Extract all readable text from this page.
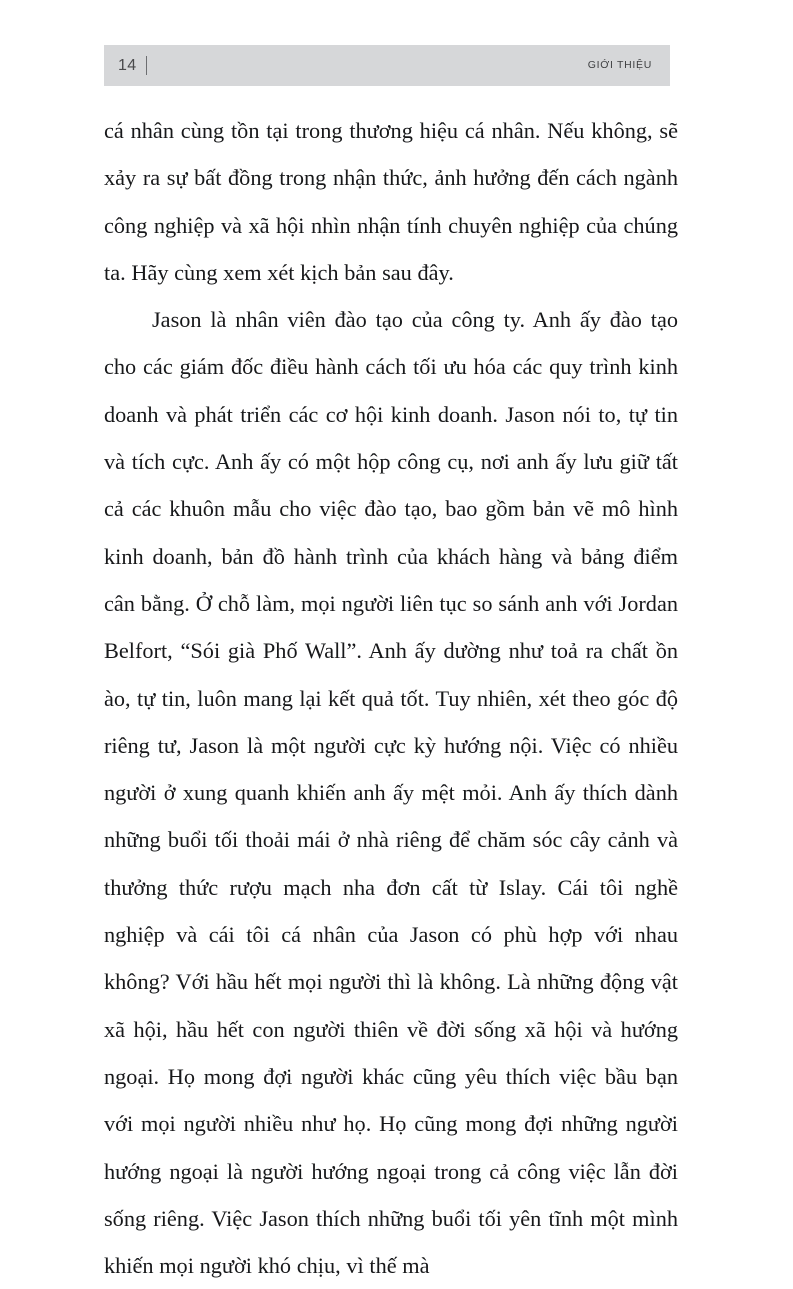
14	GIỚI THIỆU

cá nhân cùng tồn tại trong thương hiệu cá nhân. Nếu không, sẽ xảy ra sự bất đồng trong nhận thức, ảnh hưởng đến cách ngành công nghiệp và xã hội nhìn nhận tính chuyên nghiệp của chúng ta. Hãy cùng xem xét kịch bản sau đây.

Jason là nhân viên đào tạo của công ty. Anh ấy đào tạo cho các giám đốc điều hành cách tối ưu hóa các quy trình kinh doanh và phát triển các cơ hội kinh doanh. Jason nói to, tự tin và tích cực. Anh ấy có một hộp công cụ, nơi anh ấy lưu giữ tất cả các khuôn mẫu cho việc đào tạo, bao gồm bản vẽ mô hình kinh doanh, bản đồ hành trình của khách hàng và bảng điểm cân bằng. Ở chỗ làm, mọi người liên tục so sánh anh với Jordan Belfort, “Sói già Phố Wall”. Anh ấy dường như toả ra chất ồn ào, tự tin, luôn mang lại kết quả tốt. Tuy nhiên, xét theo góc độ riêng tư, Jason là một người cực kỳ hướng nội. Việc có nhiều người ở xung quanh khiến anh ấy mệt mỏi. Anh ấy thích dành những buổi tối thoải mái ở nhà riêng để chăm sóc cây cảnh và thưởng thức rượu mạch nha đơn cất từ Islay. Cái tôi nghề nghiệp và cái tôi cá nhân của Jason có phù hợp với nhau không? Với hầu hết mọi người thì là không. Là những động vật xã hội, hầu hết con người thiên về đời sống xã hội và hướng ngoại. Họ mong đợi người khác cũng yêu thích việc bầu bạn với mọi người nhiều như họ. Họ cũng mong đợi những người hướng ngoại là người hướng ngoại trong cả công việc lẫn đời sống riêng. Việc Jason thích những buổi tối yên tĩnh một mình khiến mọi người khó chịu, vì thế mà
